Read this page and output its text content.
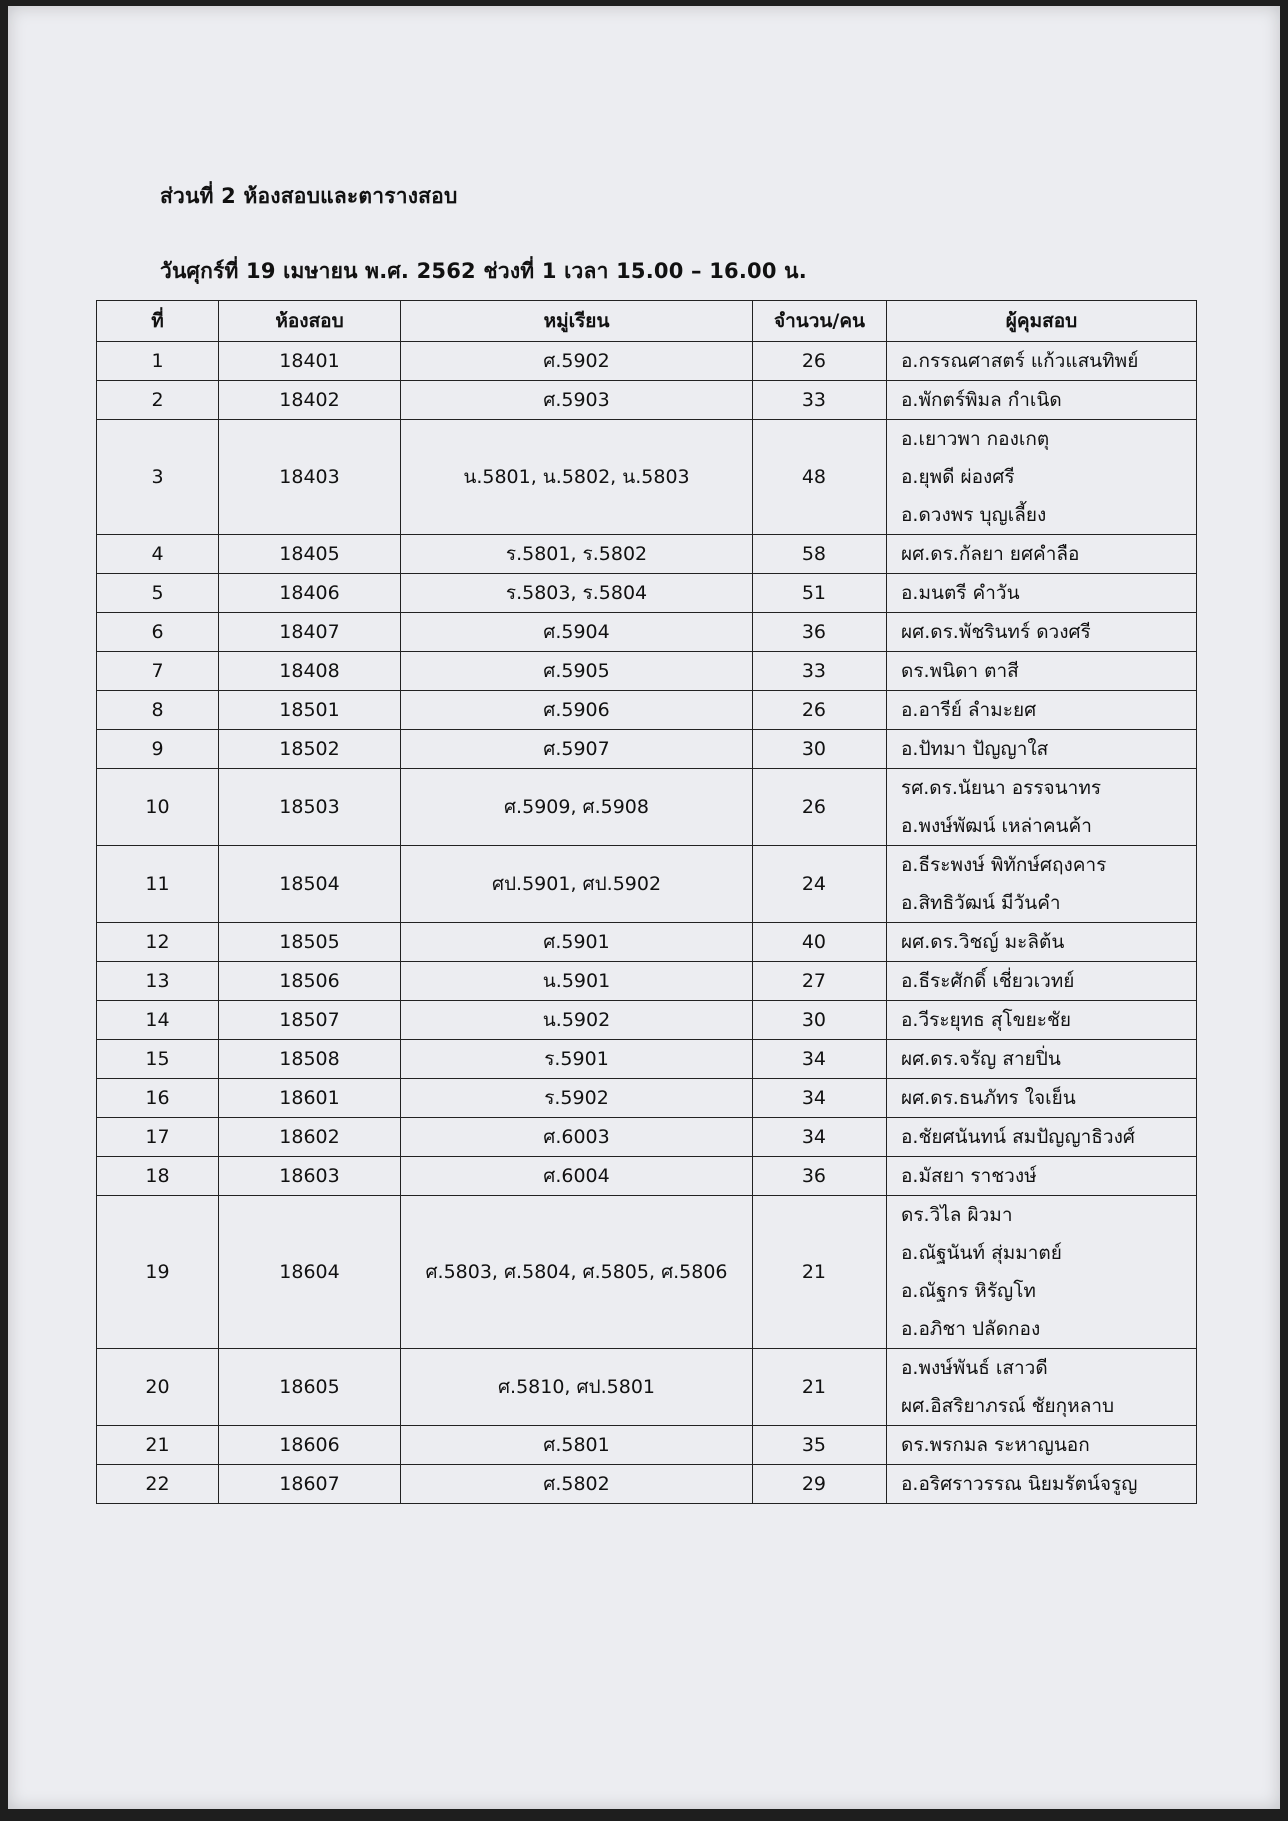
ส่วนที่ 2 ห้องสอบและตารางสอบ
วันศุกร์ที่ 19 เมษายน พ.ศ. 2562 ช่วงที่ 1 เวลา 15.00 – 16.00 น.
ที่	ห้องสอบ	หมู่เรียน	จำนวน/คน	ผู้คุมสอบ
1	18401	ศ.5902	26	อ.กรรณศาสตร์ แก้วแสนทิพย์

2	18402	ศ.5903	33	อ.พักตร์พิมล กำเนิด

3	18403	น.5801, น.5802, น.5803	48	อ.เยาวพา กองเกตุ
อ.ยุพดี ผ่องศรี
อ.ดวงพร บุญเลี้ยง

4	18405	ร.5801, ร.5802	58	ผศ.ดร.กัลยา ยศคำลือ

5	18406	ร.5803, ร.5804	51	อ.มนตรี คำวัน

6	18407	ศ.5904	36	ผศ.ดร.พัชรินทร์ ดวงศรี

7	18408	ศ.5905	33	ดร.พนิดา ตาสี

8	18501	ศ.5906	26	อ.อารีย์ ลำมะยศ

9	18502	ศ.5907	30	อ.ปัทมา ปัญญาใส

10	18503	ศ.5909, ศ.5908	26	รศ.ดร.นัยนา อรรจนาทร
อ.พงษ์พัฒน์ เหล่าคนค้า

11	18504	ศป.5901, ศป.5902	24	อ.ธีระพงษ์ พิทักษ์ศฤงคาร
อ.สิทธิวัฒน์ มีวันคำ

12	18505	ศ.5901	40	ผศ.ดร.วิชญ์ มะลิต้น

13	18506	น.5901	27	อ.ธีระศักดิ์ เชี่ยวเวทย์

14	18507	น.5902	30	อ.วีระยุทธ สุโขยะชัย

15	18508	ร.5901	34	ผศ.ดร.จรัญ สายปิ่น

16	18601	ร.5902	34	ผศ.ดร.ธนภัทร ใจเย็น

17	18602	ศ.6003	34	อ.ชัยศนันทน์ สมปัญญาธิวงศ์

18	18603	ศ.6004	36	อ.มัสยา ราชวงษ์

19	18604	ศ.5803, ศ.5804, ศ.5805, ศ.5806	21	ดร.วิไล ผิวมา
อ.ณัฐนันท์ สุ่มมาตย์
อ.ณัฐกร หิรัญโท
อ.อภิชา ปลัดกอง

20	18605	ศ.5810, ศป.5801	21	อ.พงษ์พันธ์ เสาวดี
ผศ.อิสริยาภรณ์ ชัยกุหลาบ

21	18606	ศ.5801	35	ดร.พรกมล ระหาญนอก

22	18607	ศ.5802	29	อ.อริศราวรรณ นิยมรัตน์จรูญ
